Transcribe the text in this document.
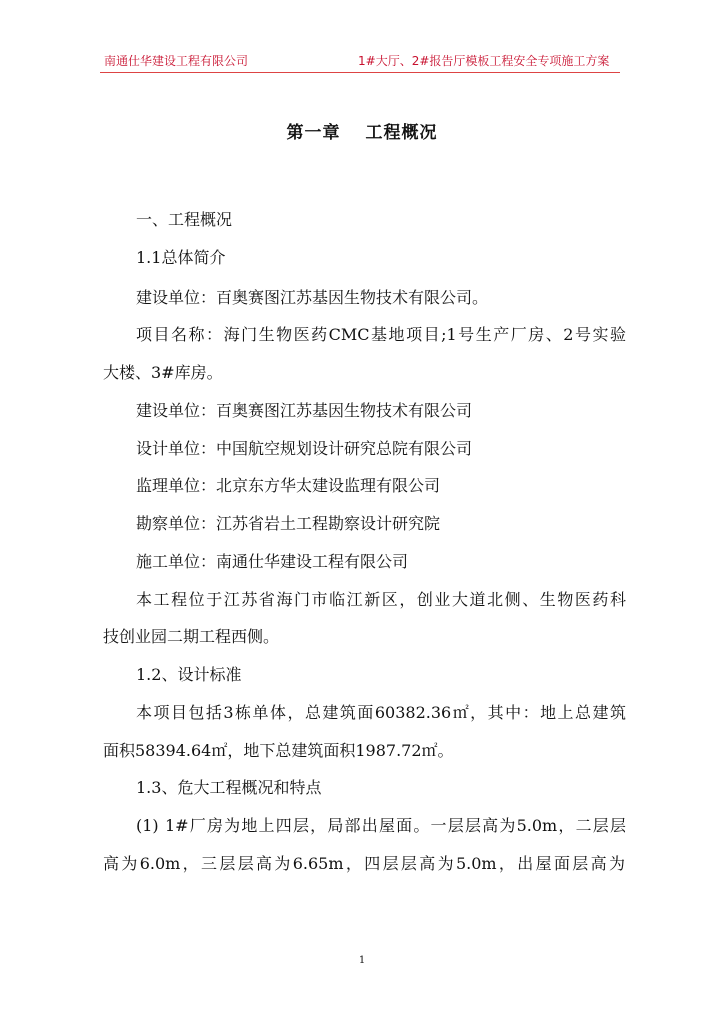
南通仕华建设工程有限公司	1#大厅、2#报告厅模板工程安全专项施工方案
第一章　 工程概况
一、工程概况
1.1总体简介
建设单位：百奥赛图江苏基因生物技术有限公司。
项目名称：海门生物医药CMC基地项目;1号生产厂房、2号实验
大楼、3#库房。
建设单位：百奥赛图江苏基因生物技术有限公司
设计单位：中国航空规划设计研究总院有限公司
监理单位：北京东方华太建设监理有限公司
勘察单位：江苏省岩土工程勘察设计研究院
施工单位：南通仕华建设工程有限公司
本工程位于江苏省海门市临江新区，创业大道北侧、生物医药科
技创业园二期工程西侧。
1.2、设计标准
本项目包括3栋单体，总建筑面60382.36㎡，其中：地上总建筑
面积58394.64㎡，地下总建筑面积1987.72㎡。
1.3、危大工程概况和特点
(1) 1#厂房为地上四层，局部出屋面。一层层高为5.0m，二层层
高为6.0m，三层层高为6.65m，四层层高为5.0m，出屋面层高为
1
